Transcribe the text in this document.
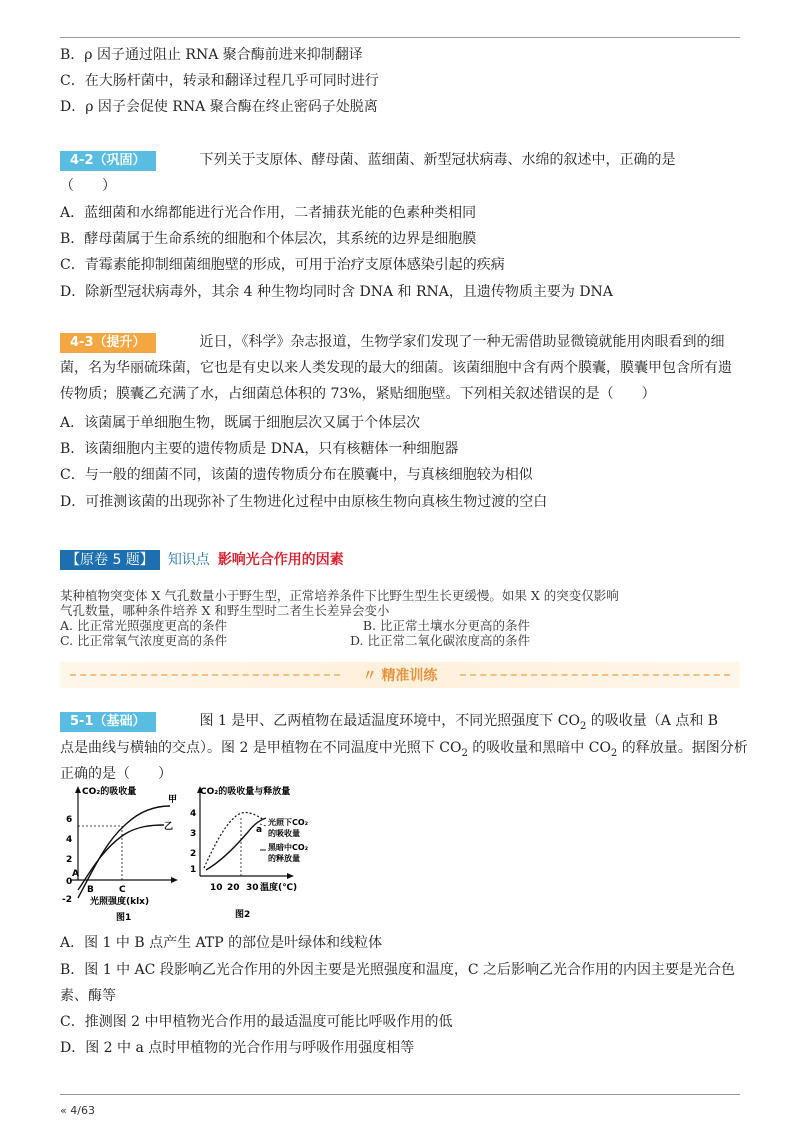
B．ρ 因子通过阻止 RNA 聚合酶前进来抑制翻译
C．在大肠杆菌中，转录和翻译过程几乎可同时进行
D．ρ 因子会促使 RNA 聚合酶在终止密码子处脱离
4-2（巩固）	下列关于支原体、酵母菌、蓝细菌、新型冠状病毒、水绵的叙述中，正确的是
（　　）
A．蓝细菌和水绵都能进行光合作用，二者捕获光能的色素种类相同
B．酵母菌属于生命系统的细胞和个体层次，其系统的边界是细胞膜
C．青霉素能抑制细菌细胞壁的形成，可用于治疗支原体感染引起的疾病
D．除新型冠状病毒外，其余 4 种生物均同时含 DNA 和 RNA，且遗传物质主要为 DNA
4-3（提升）	近日，《科学》杂志报道，生物学家们发现了一种无需借助显微镜就能用肉眼看到的细菌，名为华丽硫珠菌，它也是有史以来人类发现的最大的细菌。该菌细胞中含有两个膜囊，膜囊甲包含所有遗传物质；膜囊乙充满了水，占细菌总体积的 73%，紧贴细胞壁。下列相关叙述错误的是（　　）
A．该菌属于单细胞生物，既属于细胞层次又属于个体层次
B．该菌细胞内主要的遗传物质是 DNA，只有核糖体一种细胞器
C．与一般的细菌不同，该菌的遗传物质分布在膜囊中，与真核细胞较为相似
D．可推测该菌的出现弥补了生物进化过程中由原核生物向真核生物过渡的空白
【原卷 5 题】 知识点 影响光合作用的因素
某种植物突变体 X 气孔数量小于野生型，正常培养条件下比野生型生长更缓慢。如果 X 的突变仅影响气孔数量，哪种条件培养 X 和野生型时二者生长差异会变小
A. 比正常光照强度更高的条件	B. 比正常土壤水分更高的条件
C. 比正常氧气浓度更高的条件	D. 比正常二氧化碳浓度高的条件
〃 精准训练
5-1（基础）	图 1 是甲、乙两植物在最适温度环境中，不同光照强度下 $CO_2$ 的吸收量（A 点和 B
点是曲线与横轴的交点）。图 2 是甲植物在不同温度中光照下 $CO_2$ 的吸收量和黑暗中 $CO_2$ 的释放量。据图分析
正确的是（　　）
CO₂的吸收量
6
4
2
0
-2
甲
乙
A
B	C
光照强度(klx)
图1
CO₂的吸收量与释放量
4
3
2
1
10 20 30
a
光照下CO₂
的吸收量
黑暗中CO₂
的释放量
温度(℃)
图2
A．图 1 中 B 点产生 ATP 的部位是叶绿体和线粒体
B．图 1 中 AC 段影响乙光合作用的外因主要是光照强度和温度，C 之后影响乙光合作用的内因主要是光合色素、酶等
C．推测图 2 中甲植物光合作用的最适温度可能比呼吸作用的低
D．图 2 中 a 点时甲植物的光合作用与呼吸作用强度相等
« 4/63
